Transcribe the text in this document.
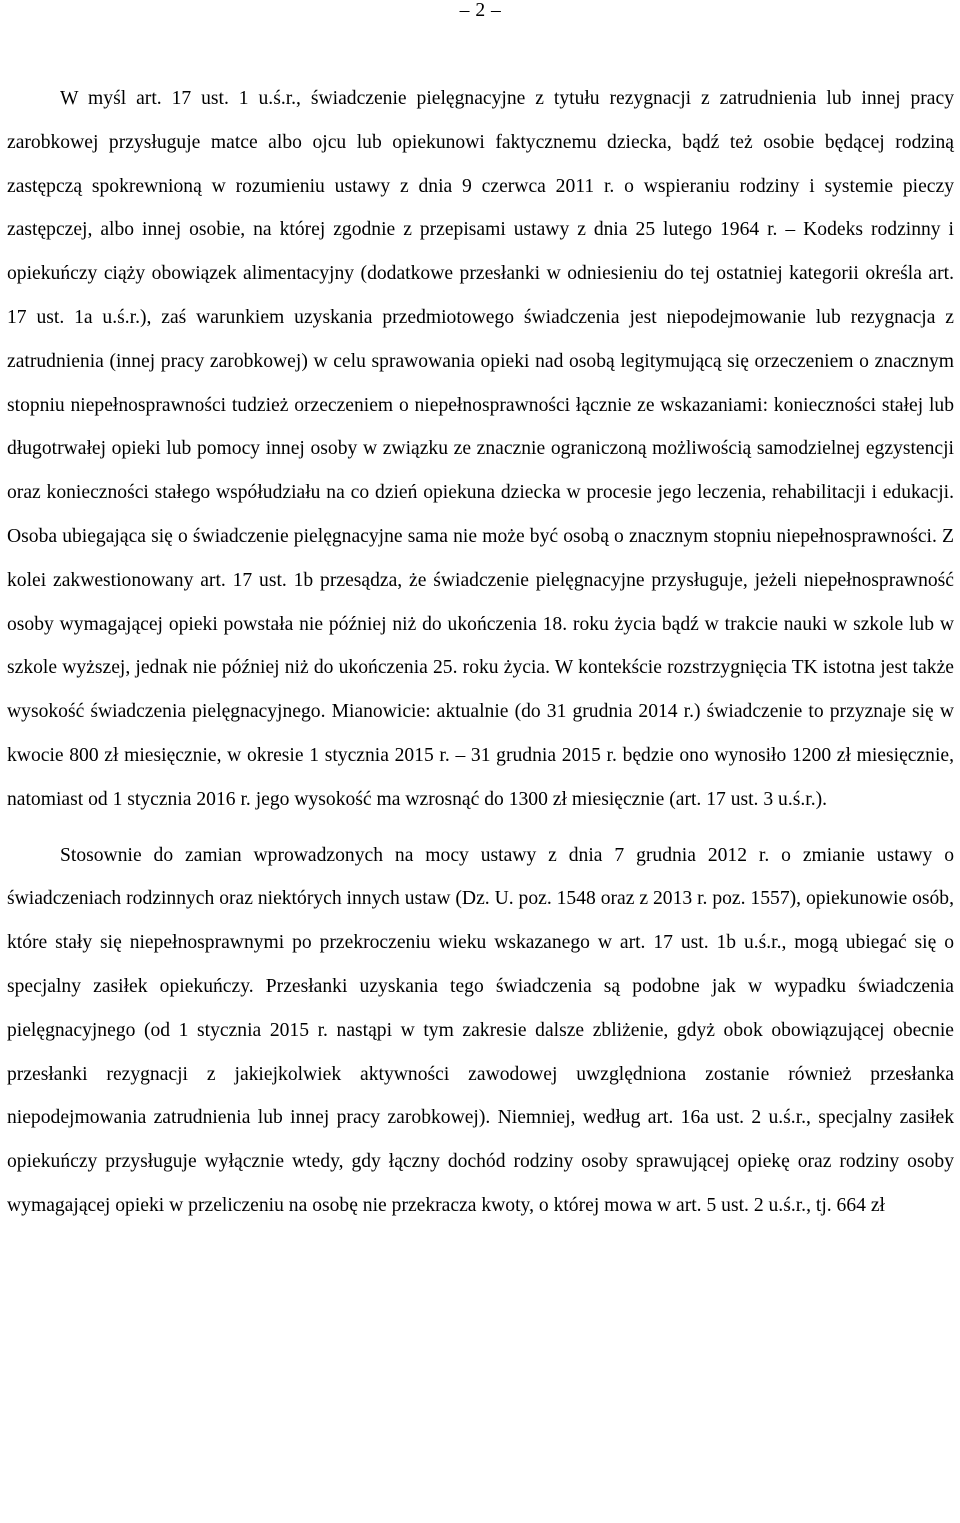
– 2 –

W myśl art. 17 ust. 1 u.ś.r., świadczenie pielęgnacyjne z tytułu rezygnacji z zatrudnienia lub innej pracy zarobkowej przysługuje matce albo ojcu lub opiekunowi faktycznemu dziecka, bądź też osobie będącej rodziną zastępczą spokrewnioną w rozumieniu ustawy z dnia 9 czerwca 2011 r. o wspieraniu rodziny i systemie pieczy zastępczej, albo innej osobie, na której zgodnie z przepisami ustawy z dnia 25 lutego 1964 r. – Kodeks rodzinny i opiekuńczy ciąży obowiązek alimentacyjny (dodatkowe przesłanki w odniesieniu do tej ostatniej kategorii określa art. 17 ust. 1a u.ś.r.), zaś warunkiem uzyskania przedmiotowego świadczenia jest niepodejmowanie lub rezygnacja z zatrudnienia (innej pracy zarobkowej) w celu sprawowania opieki nad osobą legitymującą się orzeczeniem o znacznym stopniu niepełnosprawności tudzież orzeczeniem o niepełnosprawności łącznie ze wskazaniami: konieczności stałej lub długotrwałej opieki lub pomocy innej osoby w związku ze znacznie ograniczoną możliwością samodzielnej egzystencji oraz konieczności stałego współudziału na co dzień opiekuna dziecka w procesie jego leczenia, rehabilitacji i edukacji. Osoba ubiegająca się o świadczenie pielęgnacyjne sama nie może być osobą o znacznym stopniu niepełnosprawności. Z kolei zakwestionowany art. 17 ust. 1b przesądza, że świadczenie pielęgnacyjne przysługuje, jeżeli niepełnosprawność osoby wymagającej opieki powstała nie później niż do ukończenia 18. roku życia bądź w trakcie nauki w szkole lub w szkole wyższej, jednak nie później niż do ukończenia 25. roku życia. W kontekście rozstrzygnięcia TK istotna jest także wysokość świadczenia pielęgnacyjnego. Mianowicie: aktualnie (do 31 grudnia 2014 r.) świadczenie to przyznaje się w kwocie 800 zł miesięcznie, w okresie 1 stycznia 2015 r. – 31 grudnia 2015 r. będzie ono wynosiło 1200 zł miesięcznie, natomiast od 1 stycznia 2016 r. jego wysokość ma wzrosnąć do 1300 zł miesięcznie (art. 17 ust. 3 u.ś.r.).

Stosownie do zamian wprowadzonych na mocy ustawy z dnia 7 grudnia 2012 r. o zmianie ustawy o świadczeniach rodzinnych oraz niektórych innych ustaw (Dz. U. poz. 1548 oraz z 2013 r. poz. 1557), opiekunowie osób, które stały się niepełnosprawnymi po przekroczeniu wieku wskazanego w art. 17 ust. 1b u.ś.r., mogą ubiegać się o specjalny zasiłek opiekuńczy. Przesłanki uzyskania tego świadczenia są podobne jak w wypadku świadczenia pielęgnacyjnego (od 1 stycznia 2015 r. nastąpi w tym zakresie dalsze zbliżenie, gdyż obok obowiązującej obecnie przesłanki rezygnacji z jakiejkolwiek aktywności zawodowej uwzględniona zostanie również przesłanka niepodejmowania zatrudnienia lub innej pracy zarobkowej). Niemniej, według art. 16a ust. 2 u.ś.r., specjalny zasiłek opiekuńczy przysługuje wyłącznie wtedy, gdy łączny dochód rodziny osoby sprawującej opiekę oraz rodziny osoby wymagającej opieki w przeliczeniu na osobę nie przekracza kwoty, o której mowa w art. 5 ust. 2 u.ś.r., tj. 664 zł
